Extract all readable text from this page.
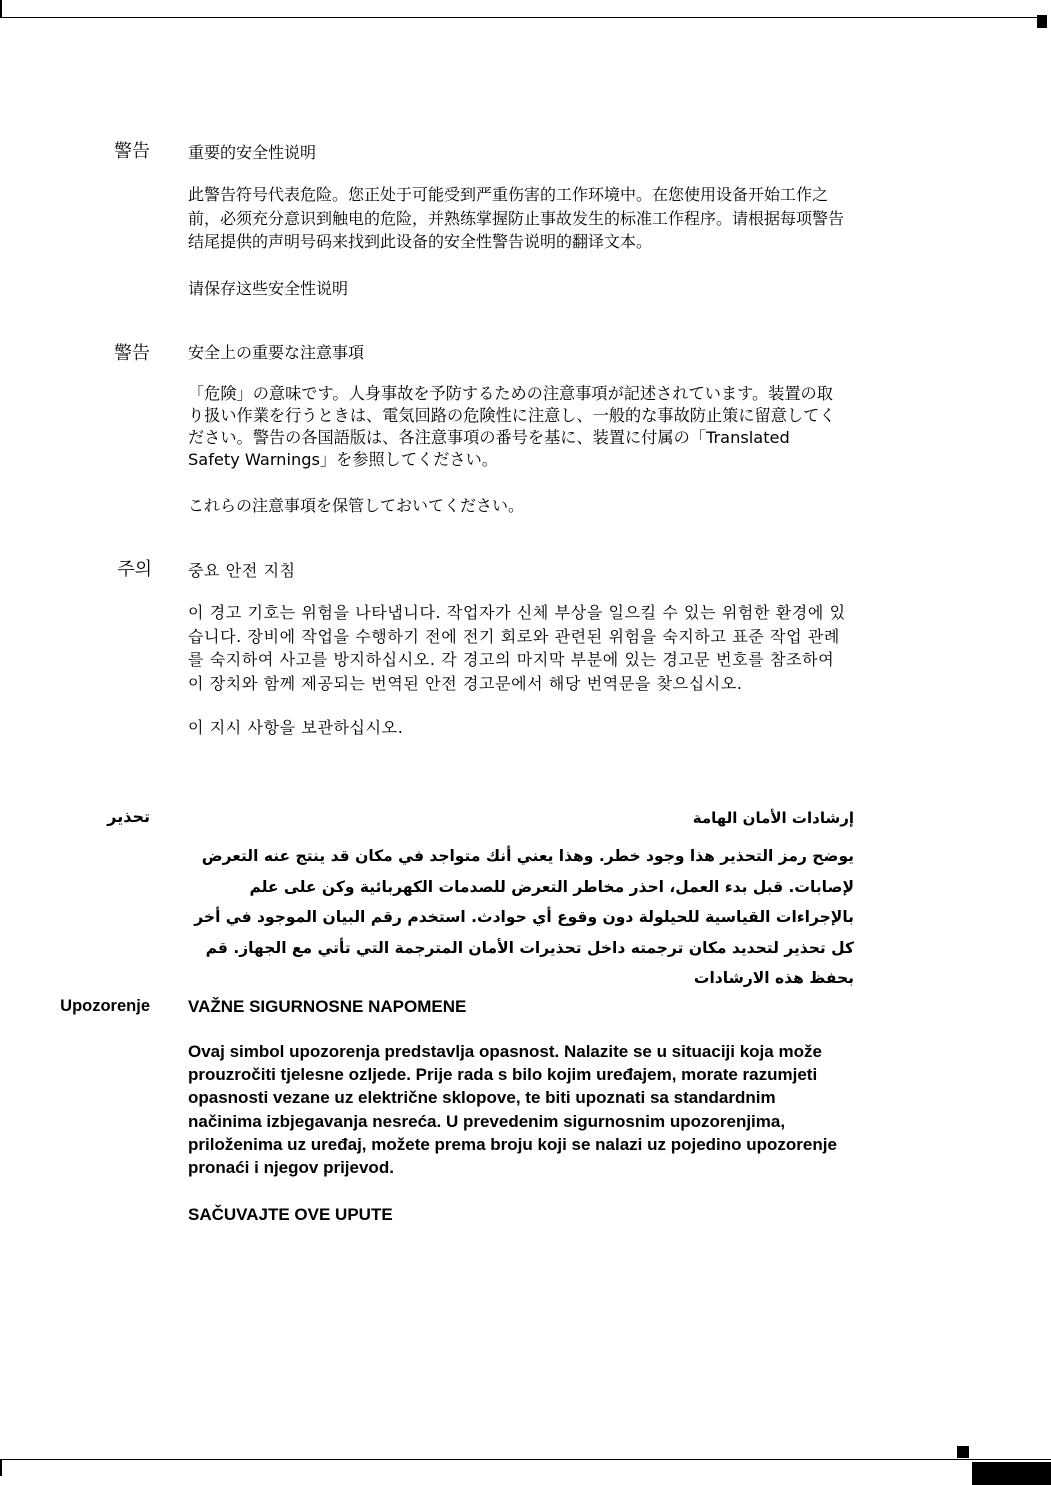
警告 重要的安全性说明
此警告符号代表危险。您正处于可能受到严重伤害的工作环境中。在您使用设备开始工作之前，必须充分意识到触电的危险，并熟练掌握防止事故发生的标准工作程序。请根据每项警告结尾提供的声明号码来找到此设备的安全性警告说明的翻译文本。
请保存这些安全性说明
警告 安全上の重要な注意事項
「危険」の意味です。人身事故を予防するための注意事項が記述されています。装置の取り扱い作業を行うときは、電気回路の危険性に注意し、一般的な事故防止策に留意してください。警告の各国語版は、各注意事項の番号を基に、装置に付属の「Translated Safety Warnings」を参照してください。
これらの注意事項を保管しておいてください。
주의 중요 안전 지침
이 경고 기호는 위험을 나타냅니다. 작업자가 신체 부상을 일으킬 수 있는 위험한 환경에 있습니다. 장비에 작업을 수행하기 전에 전기 회로와 관련된 위험을 숙지하고 표준 작업 관례를 숙지하여 사고를 방지하십시오. 각 경고의 마지막 부분에 있는 경고문 번호를 참조하여 이 장치와 함께 제공되는 번역된 안전 경고문에서 해당 번역문을 찾으십시오.
이 지시 사항을 보관하십시오.
تحذير	إرشادات الأمان الهامة
يوضح رمز التحذير هذا وجود خطر. وهذا يعني أنك متواجد في مكان قد ينتج عنه التعرض لإصابات. قبل بدء العمل، احذر مخاطر التعرض للصدمات الكهربائية وكن على علم بالإجراءات القياسية للحيلولة دون وقوع أي حوادث. استخدم رقم البيان الموجود في أخر كل تحذير لتحديد مكان ترجمته داخل تحذيرات الأمان المترجمة التي تأتي مع الجهاز. قم بحفظ هذه الارشادات
Upozorenje VAŽNE SIGURNOSNE NAPOMENE
Ovaj simbol upozorenja predstavlja opasnost. Nalazite se u situaciji koja može prouzročiti tjelesne ozljede. Prije rada s bilo kojim uređajem, morate razumjeti opasnosti vezane uz električne sklopove, te biti upoznati sa standardnim načinima izbjegavanja nesreća. U prevedenim sigurnosnim upozorenjima, priloženima uz uređaj, možete prema broju koji se nalazi uz pojedino upozorenje pronaći i njegov prijevod.
SAČUVAJTE OVE UPUTE
